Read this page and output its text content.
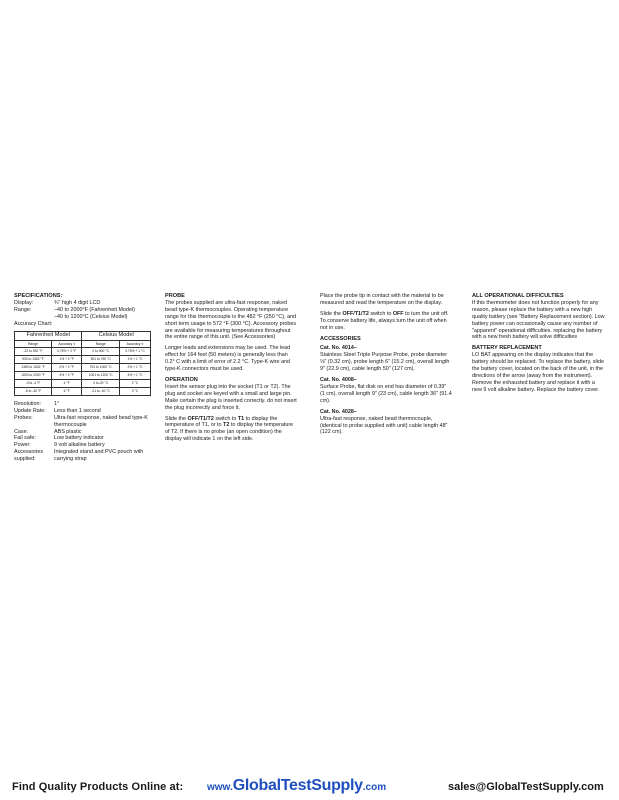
SPECIFICATIONS:
Display:	¾" high 4 digit LCD
Range:	–40 to 2000°F (Fahrenheit Model)
–40 to 1200°C (Celsius Model)
Accuracy Chart:
Fahrenheit Model		Celsius Model	
Range	Accuracy ±	Range	Accuracy ±
-22 to 932 °F	0.75% + 2 °F	0 to 500 °C	0.75% + 1 °C
933 to 1382 °F	1% + 2 °F	501 to 750 °C	1% + 1 °C
1383 to 1832 °F	2% + 2 °F	751 to 1000 °C	2% + 1 °C
1833 to 2000 °F	4% + 2 °F	1001 to 1200 °C	4% + 1 °C
-3 to -4 °F	4 °F	0 to-20 °C	2 °C
-5 to -40 °F	6 °F	-21 to -40 °C	3 °C
Resolution:	1°
Update Rate:	Less than 1 second
Probes:	Ultra-fast response, naked bead type-K thermocouple
Case:	ABS plastic
Fail safe:	Low battery indicator
Power:	9 volt alkaline battery
Accessories supplied:
Integrated stand and PVC pouch with carrying strap
PROBE

The probes supplied are ultra-fast response, naked bead type-K thermocouples. Operating temperature range for this thermocouple is the 482 °F (250 °C), and short term usage to 572 °F (300 °C). Accessory probes are available for measuring temperatures throughout the entire range of this unit. (See Accessories)

Longer leads and extensions may be used. The lead effect for 164 feet (50 meters) is generally less than 0.2° C with a limit of error of 2.2 °C. Type-K wire and type-K connectors must be used.

OPERATION

Insert the sensor plug into the socket (T1 or T2). The plug and socket are keyed with a small and large pin. Make certain the plug is inserted correctly. do not insert the plug incorrectly and force it.

Slide the OFF/T1/T2 switch to T1 to display the temperature of T1, or to T2 to display the temperature of T2. If there is no probe (an open condition) the display will indicate 1 on the left side.

Place the probe tip in contact with the material to be measured and read the temperature on the display.

Slide the OFF/T1/T2 switch to OFF to turn the unit off. To conserve battery life, always turn the unit off when not in use.

ACCESSORIES
Cat. No. 4014–

Stainless Steel Triple Purpose Probe, probe diameter ⅛" (0.32 cm), probe length 6" (15.2 cm), overall length 9" (22.9 cm), cable length 50" (127 cm).

Cat. No. 4008–

Surface Probe, flat disk on end has diameter of 0.39" (1 cm), overall length 9" (23 cm), cable length 36" (91.4 cm).

Cat. No. 4028–

Ultra-fast response, naked bead thermocouple, (identical to probe supplied with unit) cable length 48" (122 cm).

ALL OPERATIONAL DIFFICULTIES

If this thermometer does not function properly for any reason, please replace the battery with a new high quality battery (see "Battery Replacement section). Low battery power can occasionally cause any number of "apparent" operational difficulties. replacing the battery with a new fresh battery will solve difficulties

BATTERY REPLACEMENT

LO BAT appearing on the display indicates that the battery should be replaced. To replace the battery, slide the battery cover, located on the back of the unit, in the directions of the arrow (away from the instrument). Remove the exhausted battery and replace it with a new 9 volt alkaline battery. Replace the battery cover.

Find Quality Products Online at: www.GlobalTestSupply.com	sales@GlobalTestSupply.com
